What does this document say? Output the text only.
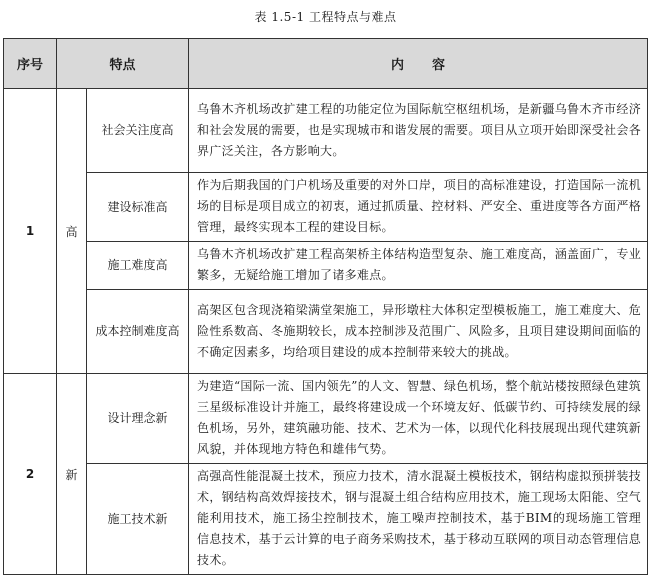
表 1.5-1 工程特点与难点
序号	特点		内容
1	高	社会关注度高	乌鲁木齐机场改扩建工程的功能定位为国际航空枢纽机场，是新疆乌鲁木齐市经济和社会发展的需要，也是实现城市和谐发展的需要。项目从立项开始即深受社会各界广泛关注，各方影响大。
		建设标准高	作为后期我国的门户机场及重要的对外口岸，项目的高标准建设，打造国际一流机场的目标是项目成立的初衷，通过抓质量、控材料、严安全、重进度等各方面严格管理，最终实现本工程的建设目标。
		施工难度高	乌鲁木齐机场改扩建工程高架桥主体结构造型复杂、施工难度高，涵盖面广，专业繁多，无疑给施工增加了诸多难点。
		成本控制难度高	高架区包含现浇箱梁满堂架施工，异形墩柱大体积定型模板施工，施工难度大、危险性系数高、冬施期较长，成本控制涉及范围广、风险多，且项目建设期间面临的不确定因素多，均给项目建设的成本控制带来较大的挑战。
2	新	设计理念新	为建造“国际一流、国内领先”的人文、智慧、绿色机场，整个航站楼按照绿色建筑三星级标准设计并施工，最终将建设成一个环境友好、低碳节约、可持续发展的绿色机场，另外，建筑融功能、技术、艺术为一体，以现代化科技展现出现代建筑新风貌，并体现地方特色和雄伟气势。
		施工技术新	高强高性能混凝土技术，预应力技术，清水混凝土模板技术，钢结构虚拟预拼装技术，钢结构高效焊接技术，钢与混凝土组合结构应用技术，施工现场太阳能、空气能利用技术，施工扬尘控制技术，施工噪声控制技术，基于BIM的现场施工管理信息技术，基于云计算的电子商务采购技术，基于移动互联网的项目动态管理信息技术。
